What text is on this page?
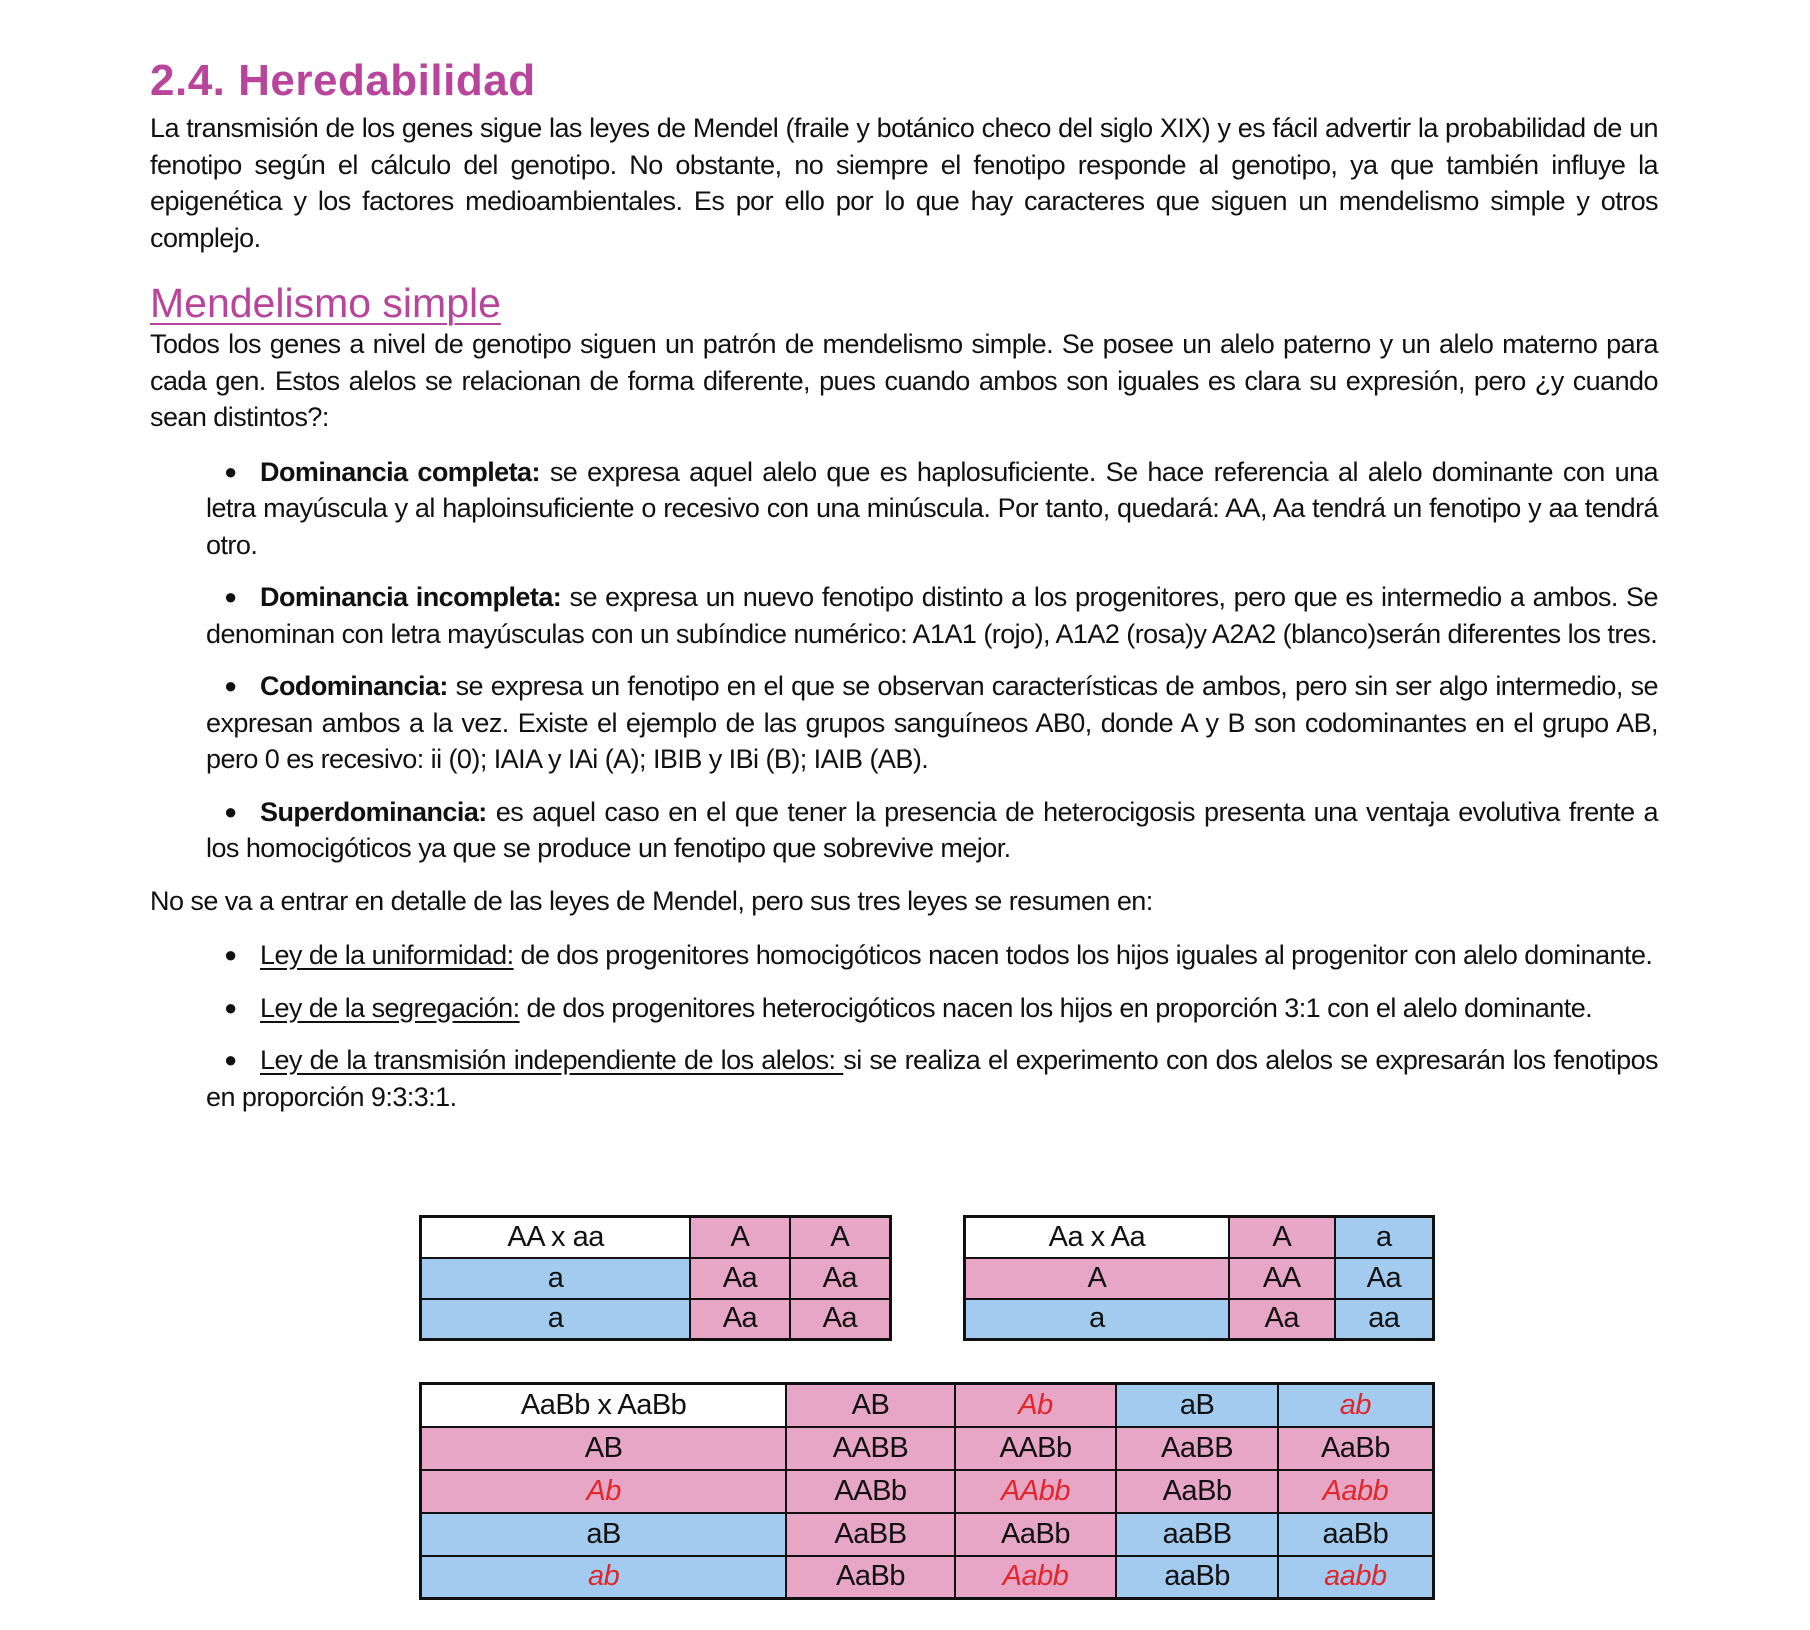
2.4. Heredabilidad

La transmisión de los genes sigue las leyes de Mendel (fraile y botánico checo del siglo XIX) y es fácil advertir la probabilidad de un fenotipo según el cálculo del genotipo. No obstante, no siempre el fenotipo responde al genotipo, ya que también influye la epigenética y los factores medioambientales. Es por ello por lo que hay caracteres que siguen un mendelismo simple y otros complejo.

Mendelismo simple

Todos los genes a nivel de genotipo siguen un patrón de mendelismo simple. Se posee un alelo paterno y un alelo materno para cada gen. Estos alelos se relacionan de forma diferente, pues cuando ambos son iguales es clara su expresión, pero ¿y cuando sean distintos?:

● Dominancia completa: se expresa aquel alelo que es haplosuficiente. Se hace referencia al alelo dominante con una letra mayúscula y al haploinsuficiente o recesivo con una minúscula. Por tanto, quedará: AA, Aa tendrá un fenotipo y aa tendrá otro.
● Dominancia incompleta: se expresa un nuevo fenotipo distinto a los progenitores, pero que es intermedio a ambos. Se denominan con letra mayúsculas con un subíndice numérico: A1A1 (rojo), A1A2 (rosa)y A2A2 (blanco)serán diferentes los tres.
● Codominancia: se expresa un fenotipo en el que se observan características de ambos, pero sin ser algo intermedio, se expresan ambos a la vez. Existe el ejemplo de las grupos sanguíneos AB0, donde A y B son codominantes en el grupo AB, pero 0 es recesivo: ii (0); IAIA y IAi (A); IBIB y IBi (B); IAIB (AB).
● Superdominancia: es aquel caso en el que tener la presencia de heterocigosis presenta una ventaja evolutiva frente a los homocigóticos ya que se produce un fenotipo que sobrevive mejor.

No se va a entrar en detalle de las leyes de Mendel, pero sus tres leyes se resumen en:

● Ley de la uniformidad: de dos progenitores homocigóticos nacen todos los hijos iguales al progenitor con alelo dominante.
● Ley de la segregación: de dos progenitores heterocigóticos nacen los hijos en proporción 3:1 con el alelo dominante.
● Ley de la transmisión independiente de los alelos: si se realiza el experimento con dos alelos se expresarán los fenotipos en proporción 9:3:3:1.
AA x aa	A	A
a	Aa	Aa
a	Aa	Aa
Aa x Aa	A	a
A	AA	Aa
a	Aa	aa
AaBb x AaBb	AB	Ab	aB	ab
AB	AABB	AABb	AaBB	AaBb
Ab	AABb	AAbb	AaBb	Aabb
aB	AaBB	AaBb	aaBB	aaBb
ab	AaBb	Aabb	aaBb	aabb
